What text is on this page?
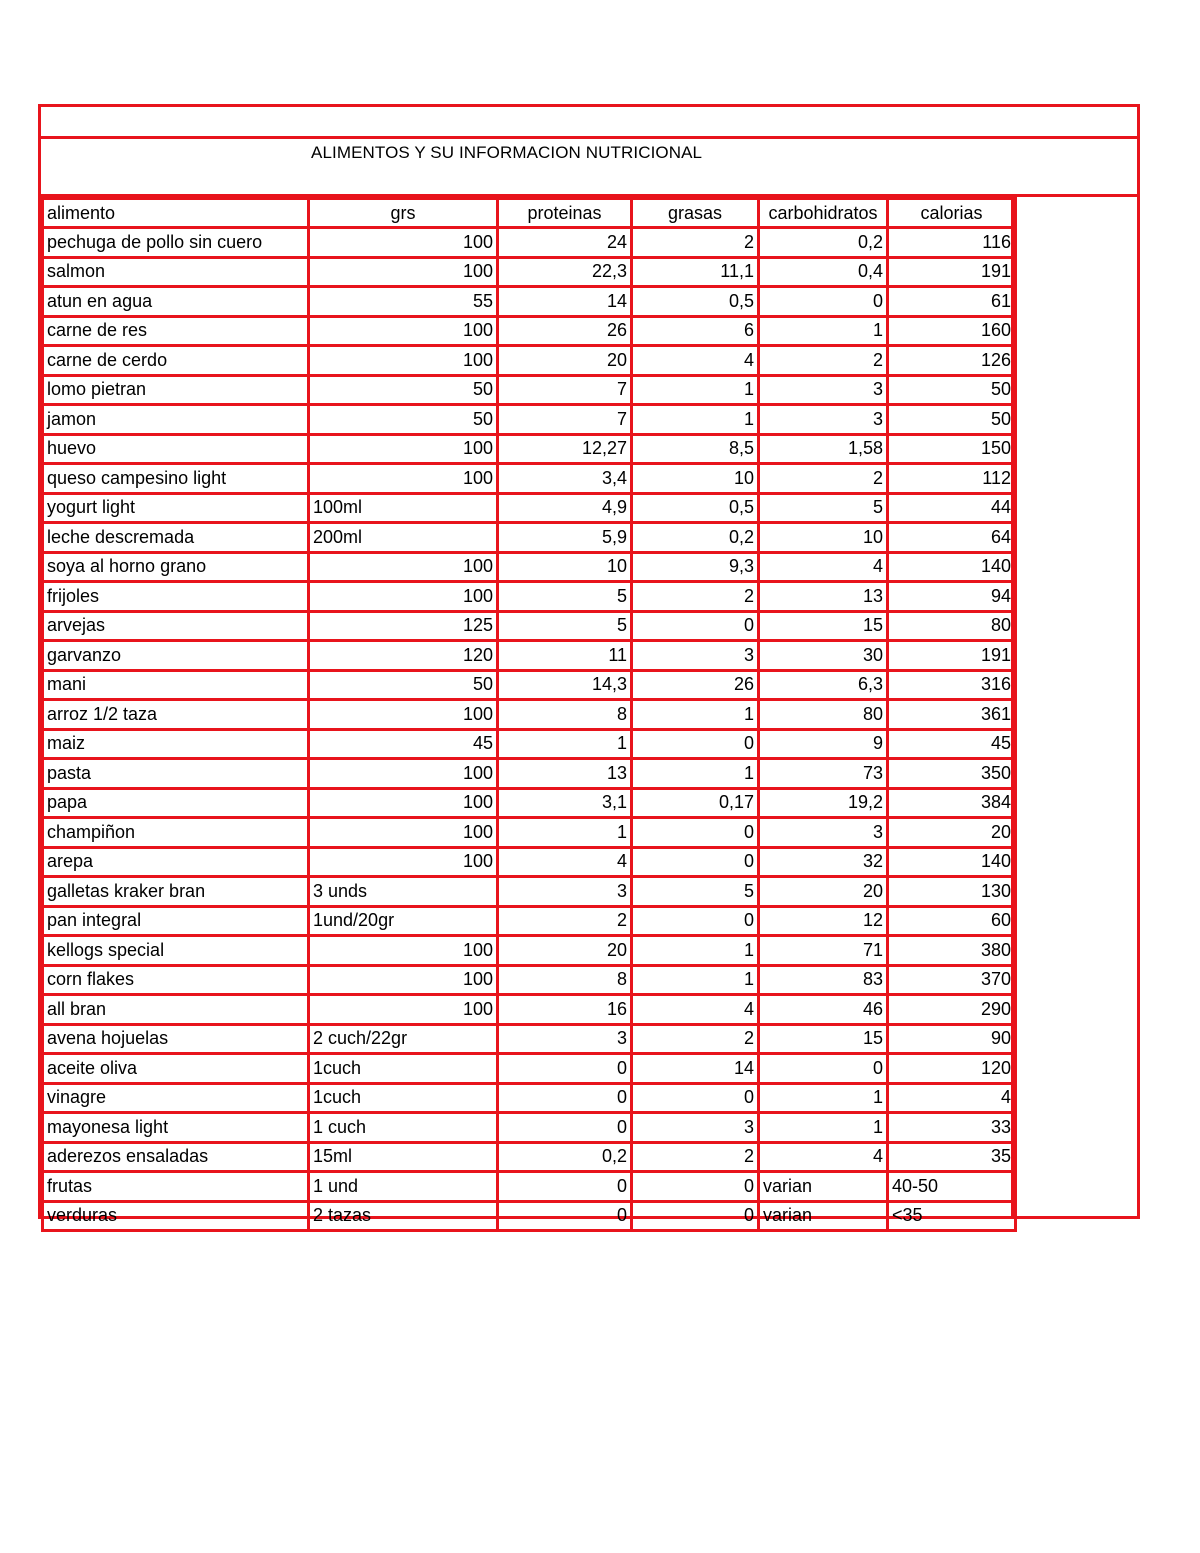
ALIMENTOS Y SU INFORMACION NUTRICIONAL
alimento	grs	proteinas	grasas	carbohidratos	calorias
pechuga de pollo sin cuero	100	24	2	0,2	116
salmon	100	22,3	11,1	0,4	191
atun en agua	55	14	0,5	0	61
carne de res	100	26	6	1	160
carne de cerdo	100	20	4	2	126
lomo pietran	50	7	1	3	50
jamon	50	7	1	3	50
huevo	100	12,27	8,5	1,58	150
queso campesino light	100	3,4	10	2	112
yogurt light	100ml	4,9	0,5	5	44
leche descremada	200ml	5,9	0,2	10	64
soya al horno grano	100	10	9,3	4	140
frijoles	100	5	2	13	94
arvejas	125	5	0	15	80
garvanzo	120	11	3	30	191
mani	50	14,3	26	6,3	316
arroz 1/2 taza	100	8	1	80	361
maiz	45	1	0	9	45
pasta	100	13	1	73	350
papa	100	3,1	0,17	19,2	384
champiñon	100	1	0	3	20
arepa	100	4	0	32	140
galletas kraker bran	3 unds	3	5	20	130
pan integral	1und/20gr	2	0	12	60
kellogs special	100	20	1	71	380
corn flakes	100	8	1	83	370
all bran	100	16	4	46	290
avena hojuelas	2 cuch/22gr	3	2	15	90
aceite oliva	1cuch	0	14	0	120
vinagre	1cuch	0	0	1	4
mayonesa light	1 cuch	0	3	1	33
aderezos ensaladas	15ml	0,2	2	4	35
frutas	1 und	0	0	varian	40-50
verduras	2 tazas	0	0	varian	<35
